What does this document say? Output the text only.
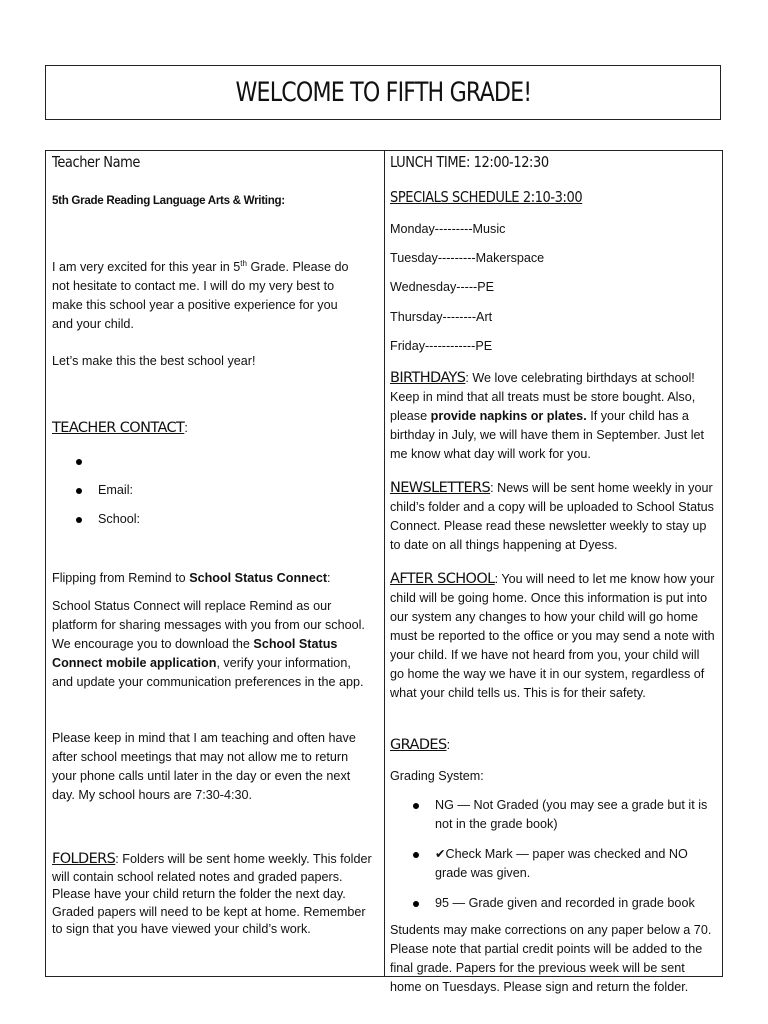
WELCOME TO FIFTH GRADE!
Teacher Name

5th Grade Reading Language Arts & Writing:

I am very excited for this year in 5th Grade. Please do not hesitate to contact me. I will do my very best to make this school year a positive experience for you and your child.

Let’s make this the best school year!

TEACHER CONTACT:

Email:
School:

Flipping from Remind to School Status Connect:

School Status Connect will replace Remind as our platform for sharing messages with you from our school. We encourage you to download the School Status Connect mobile application, verify your information, and update your communication preferences in the app.

Please keep in mind that I am teaching and often have after school meetings that may not allow me to return your phone calls until later in the day or even the next day. My school hours are 7:30-4:30.

FOLDERS: Folders will be sent home weekly. This folder will contain school related notes and graded papers. Please have your child return the folder the next day. Graded papers will need to be kept at home. Remember to sign that you have viewed your child’s work.

LUNCH TIME: 12:00-12:30
SPECIALS SCHEDULE 2:10-3:00

Monday---------Music

Tuesday---------Makerspace

Wednesday-----PE

Thursday--------Art

Friday------------PE

BIRTHDAYS: We love celebrating birthdays at school! Keep in mind that all treats must be store bought. Also, please provide napkins or plates. If your child has a birthday in July, we will have them in September. Just let me know what day will work for you.

NEWSLETTERS: News will be sent home weekly in your child’s folder and a copy will be uploaded to School Status Connect. Please read these newsletter weekly to stay up to date on all things happening at Dyess.

AFTER SCHOOL: You will need to let me know how your child will be going home. Once this information is put into our system any changes to how your child will go home must be reported to the office or you may send a note with your child. If we have not heard from you, your child will go home the way we have it in our system, regardless of what your child tells us. This is for their safety.

GRADES:

Grading System:

NG — Not Graded (you may see a grade but it is not in the grade book)
✔Check Mark — paper was checked and NO grade was given.
95 — Grade given and recorded in grade book

Students may make corrections on any paper below a 70. Please note that partial credit points will be added to the final grade. Papers for the previous week will be sent home on Tuesdays. Please sign and return the folder.
